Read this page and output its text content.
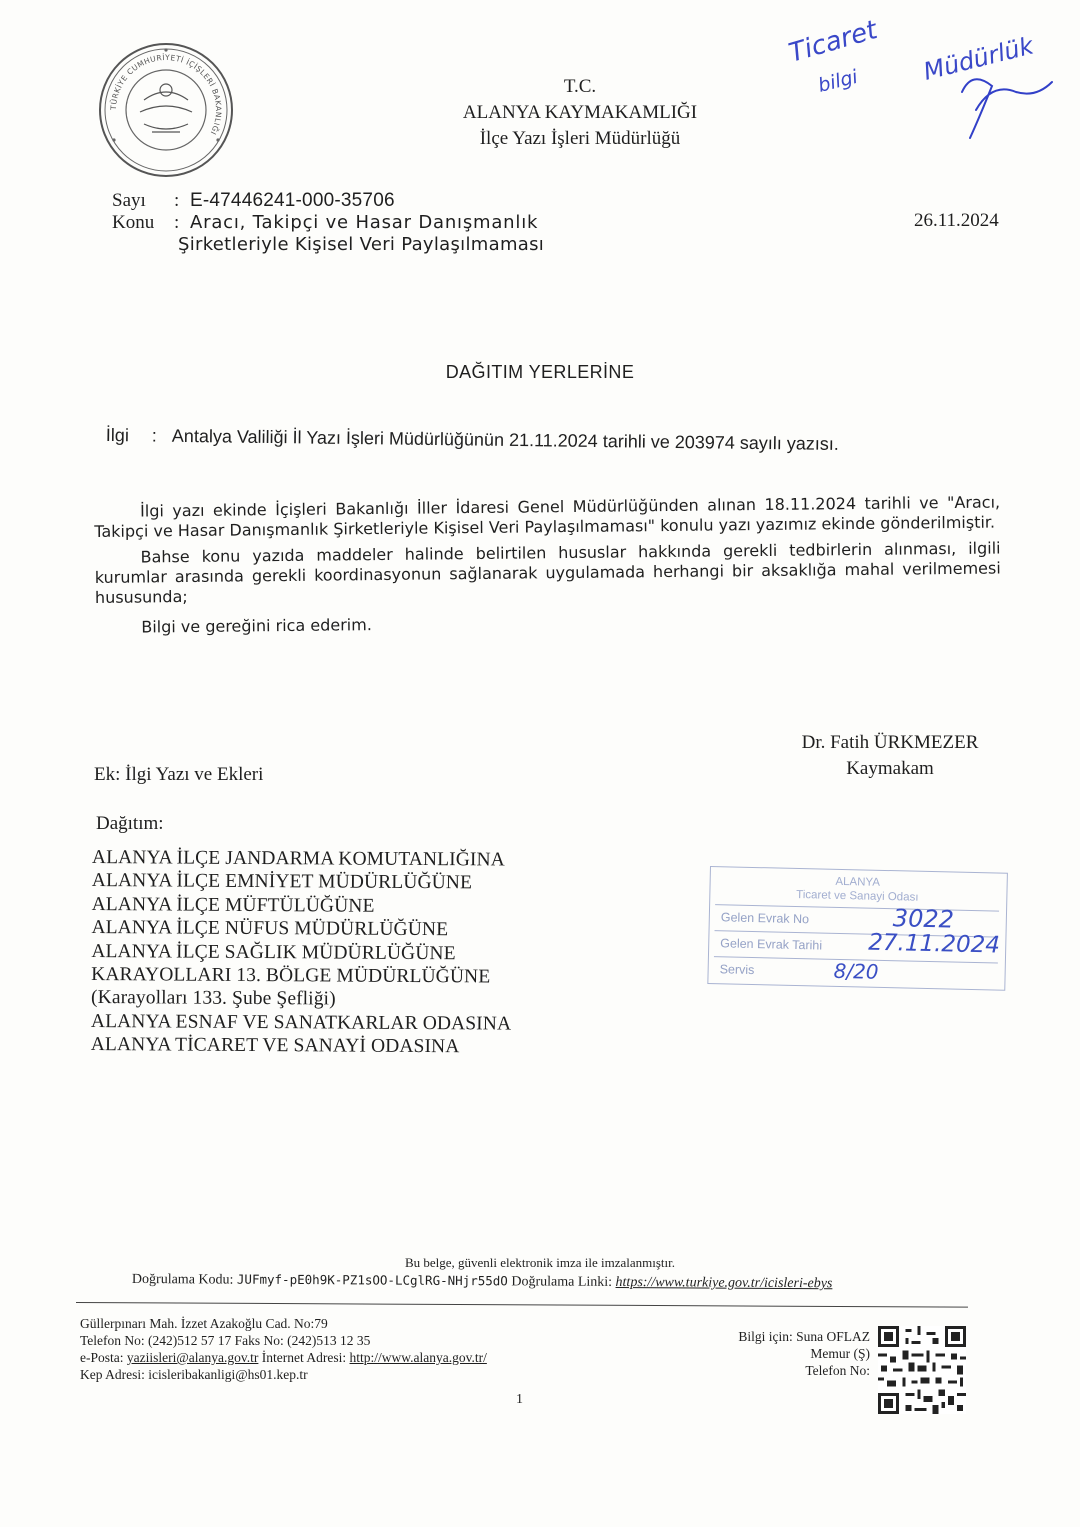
TÜRKİYE CUMHURİYETİ İÇİŞLERİ BAKANLIĞI
Ticaret
bilgi	Müdürlük
T.C.
ALANYA KAYMAKAMLIĞI
İlçe Yazı İşleri Müdürlüğü
Sayı	: E-47446241-000-35706
Konu	: Aracı, Takipçi ve Hasar Danışmanlık
Şirketleriyle Kişisel Veri Paylaşılmaması
26.11.2024
DAĞITIM YERLERİNE
İlgi : Antalya Valiliği İl Yazı İşleri Müdürlüğünün 21.11.2024 tarihli ve 203974 sayılı yazısı.

İlgi yazı ekinde İçişleri Bakanlığı İller İdaresi Genel Müdürlüğünden alınan 18.11.2024 tarihli ve "Aracı, Takipçi ve Hasar Danışmanlık Şirketleriyle Kişisel Veri Paylaşılmaması" konulu yazı yazımız ekinde gönderilmiştir.

Bahse konu yazıda maddeler halinde belirtilen hususlar hakkında gerekli tedbirlerin alınması, ilgili kurumlar arasında gerekli koordinasyonun sağlanarak uygulamada herhangi bir aksaklığa mahal verilmemesi hususunda;

Bilgi ve gereğini rica ederim.

Dr. Fatih ÜRKMEZER
Kaymakam
Ek: İlgi Yazı ve Ekleri
Dağıtım:
ALANYA İLÇE JANDARMA KOMUTANLIĞINA
ALANYA İLÇE EMNİYET MÜDÜRLÜĞÜNE
ALANYA İLÇE MÜFTÜLÜĞÜNE
ALANYA İLÇE NÜFUS MÜDÜRLÜĞÜNE
ALANYA İLÇE SAĞLIK MÜDÜRLÜĞÜNE
KARAYOLLARI 13. BÖLGE MÜDÜRLÜĞÜNE
(Karayolları 133. Şube Şefliği)
ALANYA ESNAF VE SANATKARLAR ODASINA
ALANYA TİCARET VE SANAYİ ODASINA
ALANYA
Ticaret ve Sanayi Odası
Gelen Evrak No	3022
Gelen Evrak Tarihi 27.11.2024
Servis	8/20
Bu belge, güvenli elektronik imza ile imzalanmıştır.
Doğrulama Kodu: JUFmyf-pE0h9K-PZ1sOO-LCglRG-NHjr55dO Doğrulama Linki: https://www.turkiye.gov.tr/icisleri-ebys
Güllerpınarı Mah. İzzet Azakoğlu Cad. No:79
Telefon No: (242)512 57 17 Faks No: (242)513 12 35
e-Posta: yaziisleri@alanya.gov.tr İnternet Adresi: http://www.alanya.gov.tr/
Kep Adresi: icisleribakanligi@hs01.kep.tr
Bilgi için: Suna OFLAZ
Memur (Ş)
Telefon No:
1
